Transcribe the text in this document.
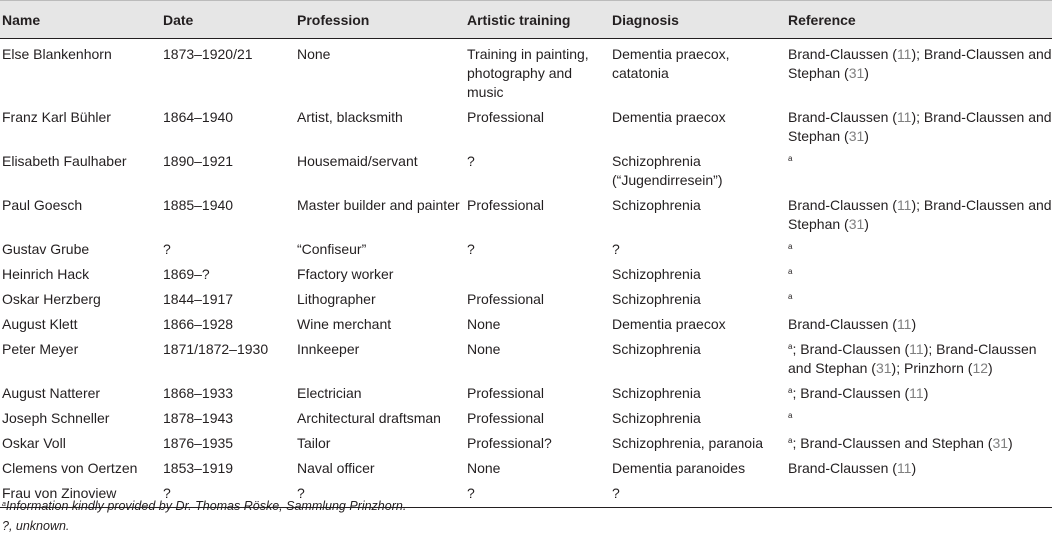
Name	Date	Profession	Artistic training	Diagnosis	Reference
Else Blankenhorn	1873–1920/21	None	Training in painting, photography and music	Dementia praecox, catatonia	Brand-Claussen (11); Brand-Claussen and Stephan (31)
Franz Karl Bühler	1864–1940	Artist, blacksmith	Professional	Dementia praecox	Brand-Claussen (11); Brand-Claussen and Stephan (31)
Elisabeth Faulhaber	1890–1921	Housemaid/servant	?	Schizophrenia (“Jugendirresein”)	$^a$
Paul Goesch	1885–1940	Master builder and painter	Professional	Schizophrenia	Brand-Claussen (11); Brand-Claussen and Stephan (31)
Gustav Grube	?	“Confiseur”	?	?	$^a$
Heinrich Hack	1869–?	Ffactory worker		Schizophrenia	$^a$
Oskar Herzberg	1844–1917	Lithographer	Professional	Schizophrenia	$^a$
August Klett	1866–1928	Wine merchant	None	Dementia praecox	Brand-Claussen (11)
Peter Meyer	1871/1872–1930	Innkeeper	None	Schizophrenia	$^a$; Brand-Claussen (11); Brand-Claussen and Stephan (31); Prinzhorn (12)
August Natterer	1868–1933	Electrician	Professional	Schizophrenia	$^a$; Brand-Claussen (11)
Joseph Schneller	1878–1943	Architectural draftsman	Professional	Schizophrenia	$^a$
Oskar Voll	1876–1935	Tailor	Professional?	Schizophrenia, paranoia	$^a$; Brand-Claussen and Stephan (31)
Clemens von Oertzen	1853–1919	Naval officer	None	Dementia paranoides	Brand-Claussen (11)
Frau von Zinoview	?	?	?	?	
$^a$Information kindly provided by Dr. Thomas Röske, Sammlung Prinzhorn.
?, unknown.
